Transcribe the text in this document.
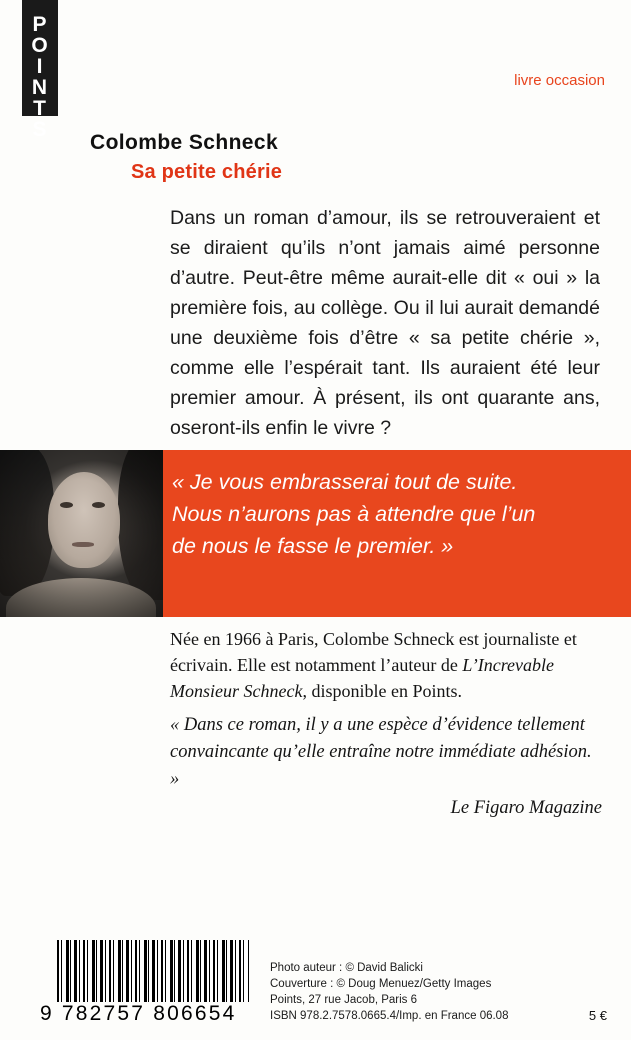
P
O
I
N
T
S
livre occasion
Colombe Schneck
Sa petite chérie

Dans un roman d’amour, ils se retrouveraient et se diraient qu’ils n’ont jamais aimé personne d’autre. Peut-être même aurait-elle dit « oui » la première fois, au collège. Ou il lui aurait demandé une deuxième fois d’être « sa petite chérie », comme elle l’espérait tant. Ils auraient été leur premier amour. À présent, ils ont quarante ans, oseront-ils enfin le vivre ?

« Je vous embrasserai tout de suite. Nous n’aurons pas à attendre que l’un de nous le fasse le premier. »
Née en 1966 à Paris, Colombe Schneck est journaliste et écrivain. Elle est notamment l’auteur de L’Increvable Monsieur Schneck, disponible en Points.
« Dans ce roman, il y a une espèce d’évidence tellement convaincante qu’elle entraîne notre immédiate adhésion. »
Le Figaro Magazine
9 782757 806654
Photo auteur : © David Balicki
Couverture : © Doug Menuez/Getty Images
Points, 27 rue Jacob, Paris 6
ISBN 978.2.7578.0665.4/Imp. en France 06.08	5 €
